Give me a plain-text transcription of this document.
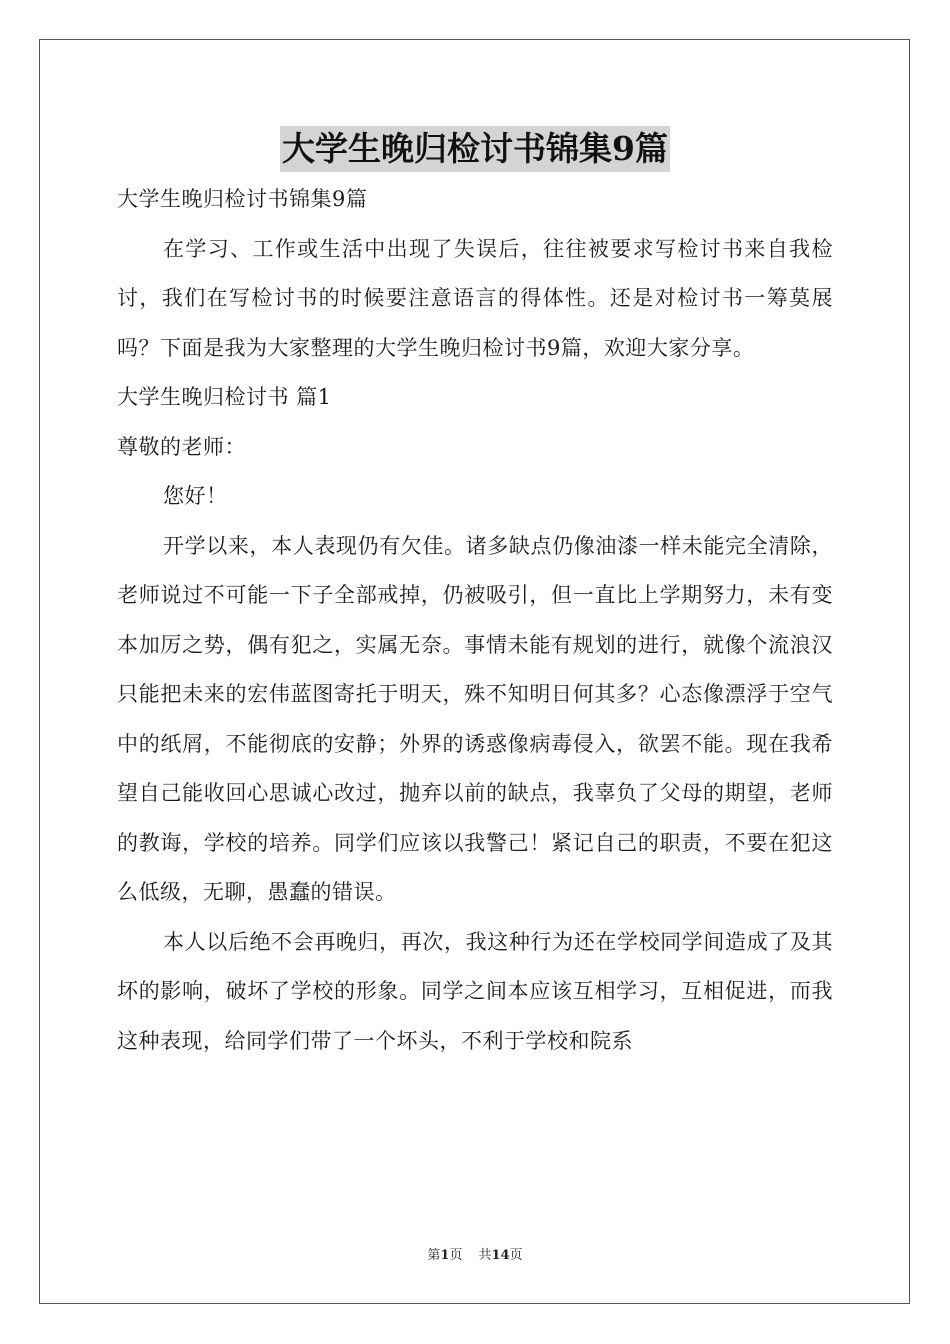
大学生晚归检讨书锦集9篇

大学生晚归检讨书锦集9篇

在学习、工作或生活中出现了失误后，往往被要求写检讨书来自我检讨，我们在写检讨书的时候要注意语言的得体性。还是对检讨书一筹莫展吗？下面是我为大家整理的大学生晚归检讨书9篇，欢迎大家分享。

大学生晚归检讨书 篇1

尊敬的老师：

您好！

开学以来，本人表现仍有欠佳。诸多缺点仍像油漆一样未能完全清除，老师说过不可能一下子全部戒掉，仍被吸引，但一直比上学期努力，未有变本加厉之势，偶有犯之，实属无奈。事情未能有规划的进行，就像个流浪汉只能把未来的宏伟蓝图寄托于明天，殊不知明日何其多？心态像漂浮于空气中的纸屑，不能彻底的安静；外界的诱惑像病毒侵入，欲罢不能。现在我希望自己能收回心思诚心改过，抛弃以前的缺点，我辜负了父母的期望，老师的教诲，学校的培养。同学们应该以我警己！紧记自己的职责，不要在犯这么低级，无聊，愚蠢的错误。

本人以后绝不会再晚归，再次，我这种行为还在学校同学间造成了及其坏的影响，破坏了学校的形象。同学之间本应该互相学习，互相促进，而我这种表现，给同学们带了一个坏头，不利于学校和院系

第1页 共14页
